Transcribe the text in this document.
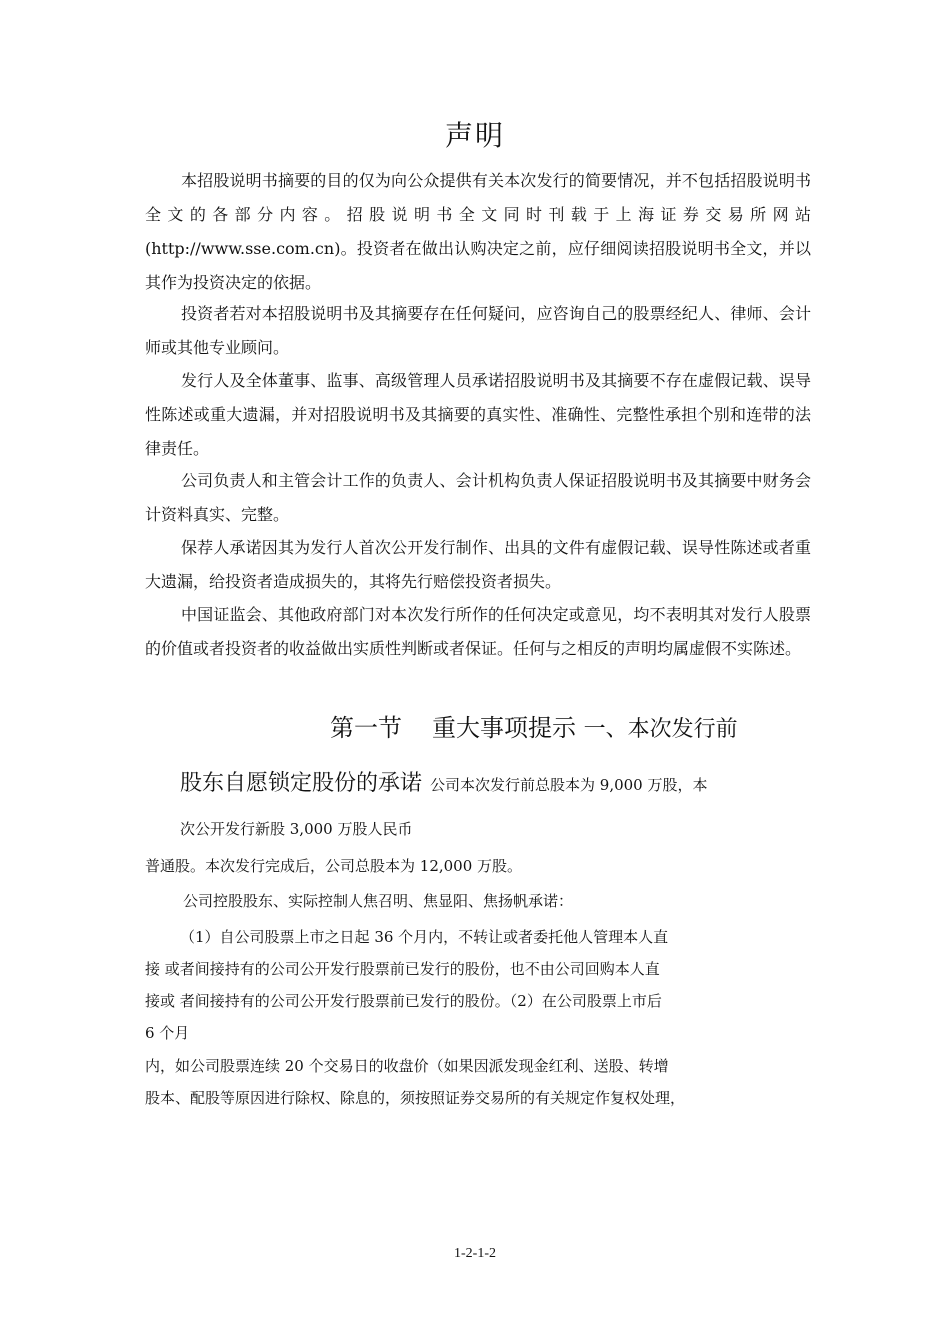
声明

本招股说明书摘要的目的仅为向公众提供有关本次发行的简要情况，并不包括招股说明书全文的各部分内容。招股说明书全文同时刊载于上海证券交易所网站(http://www.sse.com.cn)。投资者在做出认购决定之前，应仔细阅读招股说明书全文，并以其作为投资决定的依据。

投资者若对本招股说明书及其摘要存在任何疑问，应咨询自己的股票经纪人、律师、会计师或其他专业顾问。

发行人及全体董事、监事、高级管理人员承诺招股说明书及其摘要不存在虚假记载、误导性陈述或重大遗漏，并对招股说明书及其摘要的真实性、准确性、完整性承担个别和连带的法律责任。

公司负责人和主管会计工作的负责人、会计机构负责人保证招股说明书及其摘要中财务会计资料真实、完整。

保荐人承诺因其为发行人首次公开发行制作、出具的文件有虚假记载、误导性陈述或者重大遗漏，给投资者造成损失的，其将先行赔偿投资者损失。

中国证监会、其他政府部门对本次发行所作的任何决定或意见，均不表明其对发行人股票的价值或者投资者的收益做出实质性判断或者保证。任何与之相反的声明均属虚假不实陈述。

第一节 重大事项提示 一、本次发行前
股东自愿锁定股份的承诺 公司本次发行前总股本为 9,000 万股，本

次公开发行新股 3,000 万股人民币

普通股。本次发行完成后，公司总股本为 12,000 万股。

公司控股股东、实际控制人焦召明、焦显阳、焦扬帆承诺：

（1）自公司股票上市之日起 36 个月内，不转让或者委托他人管理本人直

接 或者间接持有的公司公开发行股票前已发行的股份，也不由公司回购本人直

接或 者间接持有的公司公开发行股票前已发行的股份。（2）在公司股票上市后

6 个月

内，如公司股票连续 20 个交易日的收盘价（如果因派发现金红利、送股、转增

股本、配股等原因进行除权、除息的，须按照证券交易所的有关规定作复权处理，

1-2-1-2
